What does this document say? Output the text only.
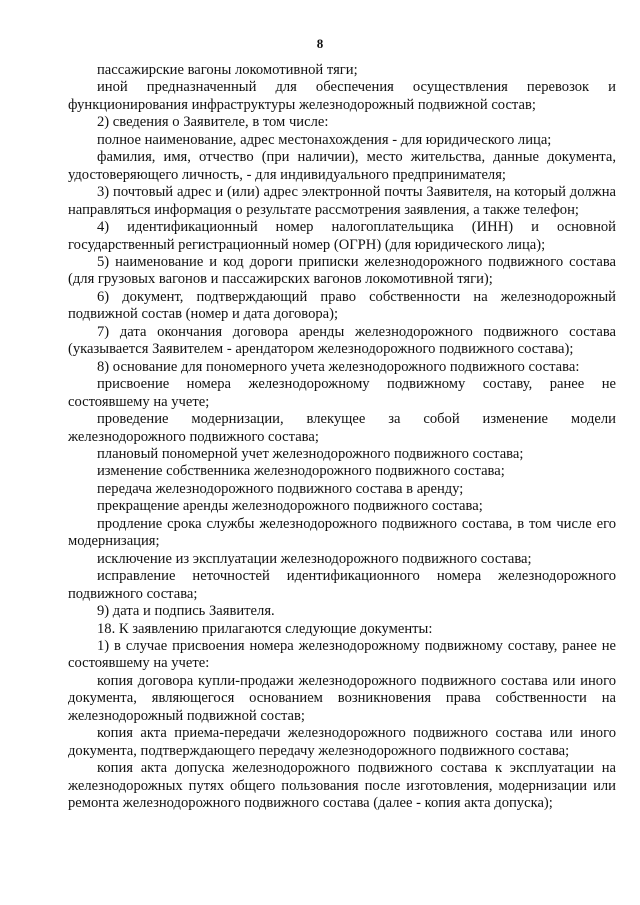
8

пассажирские вагоны локомотивной тяги;

иной предназначенный для обеспечения осуществления перевозок и функционирования инфраструктуры железнодорожный подвижной состав;

2) сведения о Заявителе, в том числе:

полное наименование, адрес местонахождения - для юридического лица;

фамилия, имя, отчество (при наличии), место жительства, данные документа, удостоверяющего личность, - для индивидуального предпринимателя;

3) почтовый адрес и (или) адрес электронной почты Заявителя, на который должна направляться информация о результате рассмотрения заявления, а также телефон;

4) идентификационный номер налогоплательщика (ИНН) и основной государственный регистрационный номер (ОГРН) (для юридического лица);

5) наименование и код дороги приписки железнодорожного подвижного состава (для грузовых вагонов и пассажирских вагонов локомотивной тяги);

6) документ, подтверждающий право собственности на железнодорожный подвижной состав (номер и дата договора);

7) дата окончания договора аренды железнодорожного подвижного состава (указывается Заявителем - арендатором железнодорожного подвижного состава);

8) основание для пономерного учета железнодорожного подвижного состава:

присвоение номера железнодорожному подвижному составу, ранее не состоявшему на учете;

проведение модернизации, влекущее за собой изменение модели железнодорожного подвижного состава;

плановый пономерной учет железнодорожного подвижного состава;

изменение собственника железнодорожного подвижного состава;

передача железнодорожного подвижного состава в аренду;

прекращение аренды железнодорожного подвижного состава;

продление срока службы железнодорожного подвижного состава, в том числе его модернизация;

исключение из эксплуатации железнодорожного подвижного состава;

исправление неточностей идентификационного номера железнодорожного подвижного состава;

9) дата и подпись Заявителя.

18. К заявлению прилагаются следующие документы:

1) в случае присвоения номера железнодорожному подвижному составу, ранее не состоявшему на учете:

копия договора купли-продажи железнодорожного подвижного состава или иного документа, являющегося основанием возникновения права собственности на железнодорожный подвижной состав;

копия акта приема-передачи железнодорожного подвижного состава или иного документа, подтверждающего передачу железнодорожного подвижного состава;

копия акта допуска железнодорожного подвижного состава к эксплуатации на железнодорожных путях общего пользования после изготовления, модернизации или ремонта железнодорожного подвижного состава (далее - копия акта допуска);
